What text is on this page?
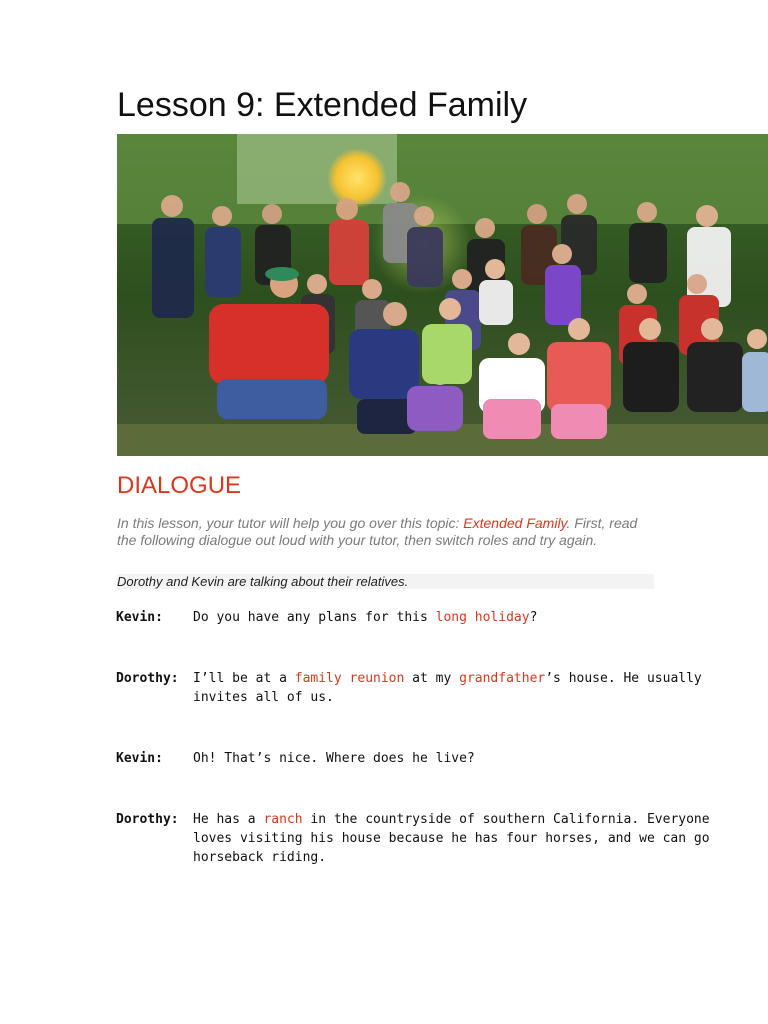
Lesson 9: Extended Family
DIALOGUE
In this lesson, your tutor will help you go over this topic: Extended Family. First, read the following dialogue out loud with your tutor, then switch roles and try again.
Dorothy and Kevin are talking about their relatives.
Kevin:	Do you have any plans for this long holiday?
Dorothy:	I’ll be at a family reunion at my grandfather’s house. He usually invites all of us.
Kevin:	Oh! That’s nice. Where does he live?
Dorothy:	He has a ranch in the countryside of southern California. Everyone loves visiting his house because he has four horses, and we can go horseback riding.
